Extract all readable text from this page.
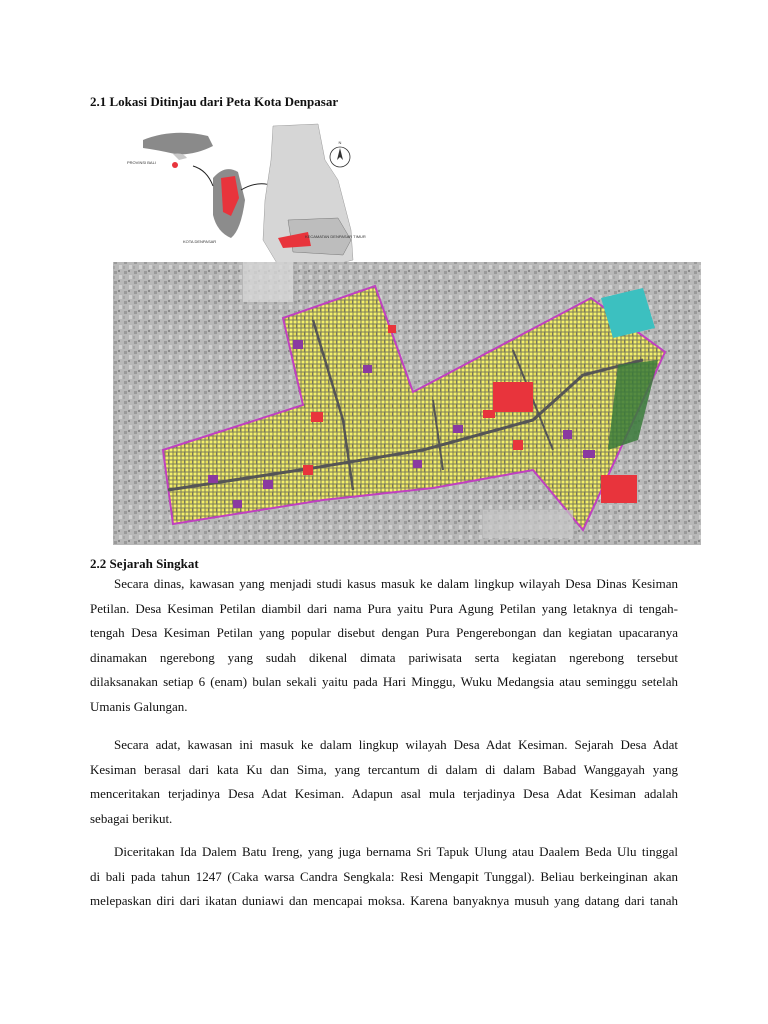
2.1 Lokasi Ditinjau dari Peta Kota Denpasar
PROVINSI BALI
KOTA DENPASAR
KECAMATAN DENPASAR TIMUR
N
2.2 Sejarah Singkat
Secara dinas, kawasan yang menjadi studi kasus masuk ke dalam lingkup wilayah Desa Dinas Kesiman
Petilan. Desa Kesiman Petilan diambil dari nama Pura yaitu Pura Agung Petilan yang letaknya di tengah-
tengah Desa Kesiman Petilan yang popular disebut dengan Pura Pengerebongan dan kegiatan upacaranya
dinamakan ngerebong yang sudah dikenal dimata pariwisata serta kegiatan ngerebong tersebut
dilaksanakan setiap 6 (enam) bulan sekali yaitu pada Hari Minggu, Wuku Medangsia atau seminggu setelah
Umanis Galungan.
Secara adat, kawasan ini masuk ke dalam lingkup wilayah Desa Adat Kesiman. Sejarah Desa Adat
Kesiman berasal dari kata Ku dan Sima, yang tercantum di dalam di dalam Babad Wanggayah yang
menceritakan terjadinya Desa Adat Kesiman. Adapun asal mula terjadinya Desa Adat Kesiman adalah
sebagai berikut.
Diceritakan Ida Dalem Batu Ireng, yang juga bernama Sri Tapuk Ulung atau Daalem Beda Ulu tinggal
di bali pada tahun 1247 (Caka warsa Candra Sengkala: Resi Mengapit Tunggal). Beliau berkeinginan akan
melepaskan diri dari ikatan duniawi dan mencapai moksa. Karena banyaknya musuh yang datang dari tanah
